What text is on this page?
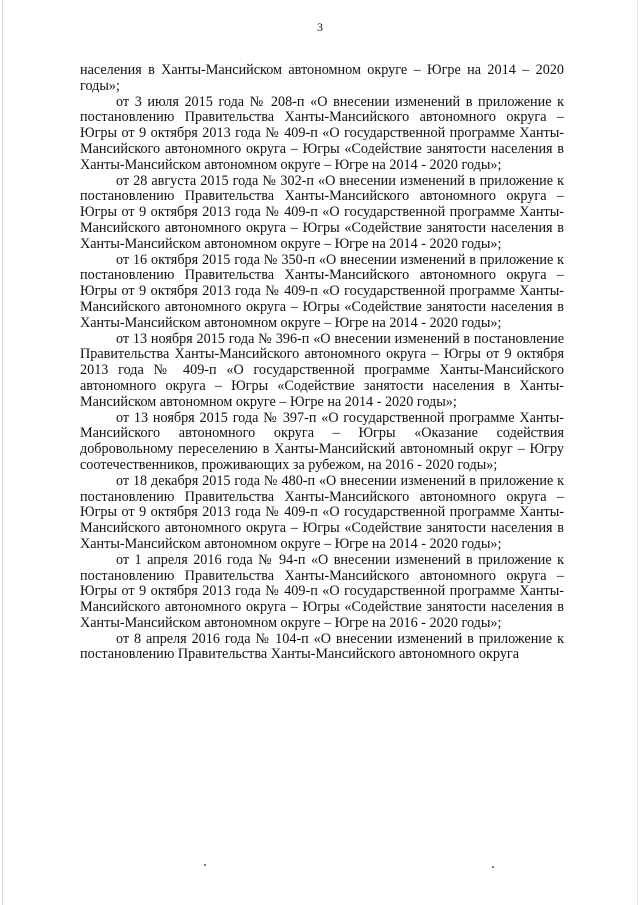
3

населения в Ханты-Мансийском автономном округе – Югре на 2014 – 2020 годы»;

от 3 июля 2015 года № 208-п «О внесении изменений в приложение к постановлению Правительства Ханты-Мансийского автономного округа – Югры от 9 октября 2013 года № 409-п «О государственной программе Ханты-Мансийского автономного округа – Югры «Содействие занятости населения в Ханты-Мансийском автономном округе – Югре на 2014 - 2020 годы»;

от 28 августа 2015 года № 302-п «О внесении изменений в приложение к постановлению Правительства Ханты-Мансийского автономного округа – Югры от 9 октября 2013 года № 409-п «О государственной программе Ханты-Мансийского автономного округа – Югры «Содействие занятости населения в Ханты-Мансийском автономном округе – Югре на 2014 - 2020 годы»;

от 16 октября 2015 года № 350-п «О внесении изменений в приложение к постановлению Правительства Ханты-Мансийского автономного округа – Югры от 9 октября 2013 года № 409-п «О государственной программе Ханты-Мансийского автономного округа – Югры «Содействие занятости населения в Ханты-Мансийском автономном округе – Югре на 2014 - 2020 годы»;

от 13 ноября 2015 года № 396-п «О внесении изменений в постановление Правительства Ханты-Мансийского автономного округа – Югры от 9 октября 2013 года № 409-п «О государственной программе Ханты-Мансийского автономного округа – Югры «Содействие занятости населения в Ханты-Мансийском автономном округе – Югре на 2014 - 2020 годы»;

от 13 ноября 2015 года № 397-п «О государственной программе Ханты-Мансийского автономного округа – Югры «Оказание содействия добровольному переселению в Ханты-Мансийский автономный округ – Югру соотечественников, проживающих за рубежом, на 2016 - 2020 годы»;

от 18 декабря 2015 года № 480-п «О внесении изменений в приложение к постановлению Правительства Ханты-Мансийского автономного округа – Югры от 9 октября 2013 года № 409-п «О государственной программе Ханты-Мансийского автономного округа – Югры «Содействие занятости населения в Ханты-Мансийском автономном округе – Югре на 2014 - 2020 годы»;

от 1 апреля 2016 года № 94-п «О внесении изменений в приложение к постановлению Правительства Ханты-Мансийского автономного округа – Югры от 9 октября 2013 года № 409-п «О государственной программе Ханты-Мансийского автономного округа – Югры «Содействие занятости населения в Ханты-Мансийском автономном округе – Югре на 2016 - 2020 годы»;

от 8 апреля 2016 года № 104-п «О внесении изменений в приложение к постановлению Правительства Ханты-Мансийского автономного округа
